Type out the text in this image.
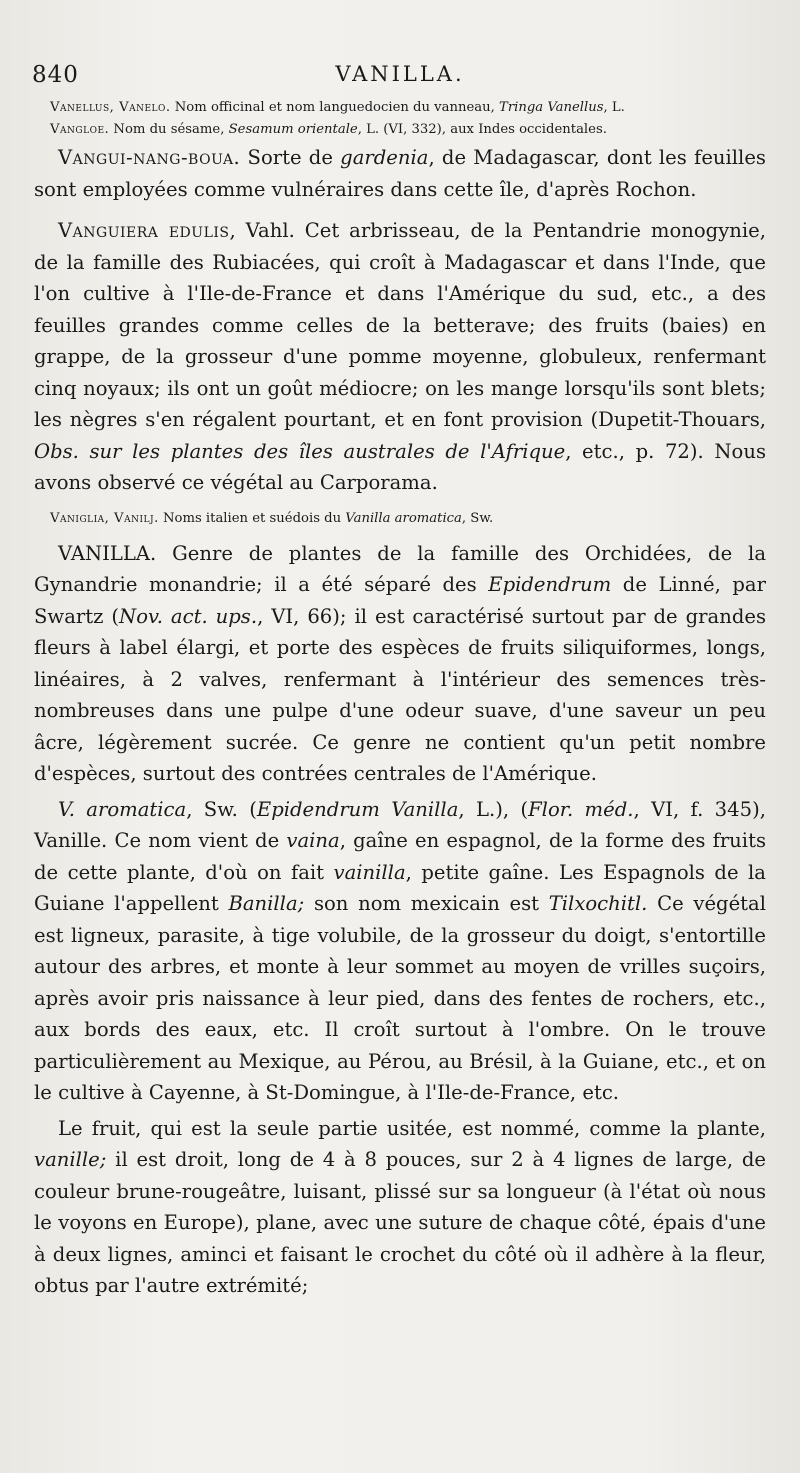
840	VANILLA.

Vanellus, Vanelo. Nom officinal et nom languedocien du vanneau, Tringa Vanellus, L.

Vangloe. Nom du sésame, Sesamum orientale, L. (VI, 332), aux Indes occidentales.

Vangui-nang-boua. Sorte de gardenia, de Madagascar, dont les feuilles sont employées comme vulnéraires dans cette île, d'après Rochon.

Vanguiera edulis, Vahl. Cet arbrisseau, de la Pentandrie monogynie, de la famille des Rubiacées, qui croît à Madagascar et dans l'Inde, que l'on cultive à l'Ile-de-France et dans l'Amérique du sud, etc., a des feuilles grandes comme celles de la betterave; des fruits (baies) en grappe, de la grosseur d'une pomme moyenne, globuleux, renfermant cinq noyaux; ils ont un goût médiocre; on les mange lorsqu'ils sont blets; les nègres s'en régalent pourtant, et en font provision (Dupetit-Thouars, Obs. sur les plantes des îles australes de l'Afrique, etc., p. 72). Nous avons observé ce végétal au Carporama.

Vaniglia, Vanilj. Noms italien et suédois du Vanilla aromatica, Sw.

VANILLA. Genre de plantes de la famille des Orchidées, de la Gynandrie monandrie; il a été séparé des Epidendrum de Linné, par Swartz (Nov. act. ups., VI, 66); il est caractérisé surtout par de grandes fleurs à label élargi, et porte des espèces de fruits siliquiformes, longs, linéaires, à 2 valves, renfermant à l'intérieur des semences très-nombreuses dans une pulpe d'une odeur suave, d'une saveur un peu âcre, légèrement sucrée. Ce genre ne contient qu'un petit nombre d'espèces, surtout des contrées centrales de l'Amérique.

V. aromatica, Sw. (Epidendrum Vanilla, L.), (Flor. méd., VI, f. 345), Vanille. Ce nom vient de vaina, gaîne en espagnol, de la forme des fruits de cette plante, d'où on fait vainilla, petite gaîne. Les Espagnols de la Guiane l'appellent Banilla; son nom mexicain est Tilxochitl. Ce végétal est ligneux, parasite, à tige volubile, de la grosseur du doigt, s'entortille autour des arbres, et monte à leur sommet au moyen de vrilles suçoirs, après avoir pris naissance à leur pied, dans des fentes de rochers, etc., aux bords des eaux, etc. Il croît surtout à l'ombre. On le trouve particulièrement au Mexique, au Pérou, au Brésil, à la Guiane, etc., et on le cultive à Cayenne, à St-Domingue, à l'Ile-de-France, etc.

Le fruit, qui est la seule partie usitée, est nommé, comme la plante, vanille; il est droit, long de 4 à 8 pouces, sur 2 à 4 lignes de large, de couleur brune-rougeâtre, luisant, plissé sur sa longueur (à l'état où nous le voyons en Europe), plane, avec une suture de chaque côté, épais d'une à deux lignes, aminci et faisant le crochet du côté où il adhère à la fleur, obtus par l'autre extrémité;
